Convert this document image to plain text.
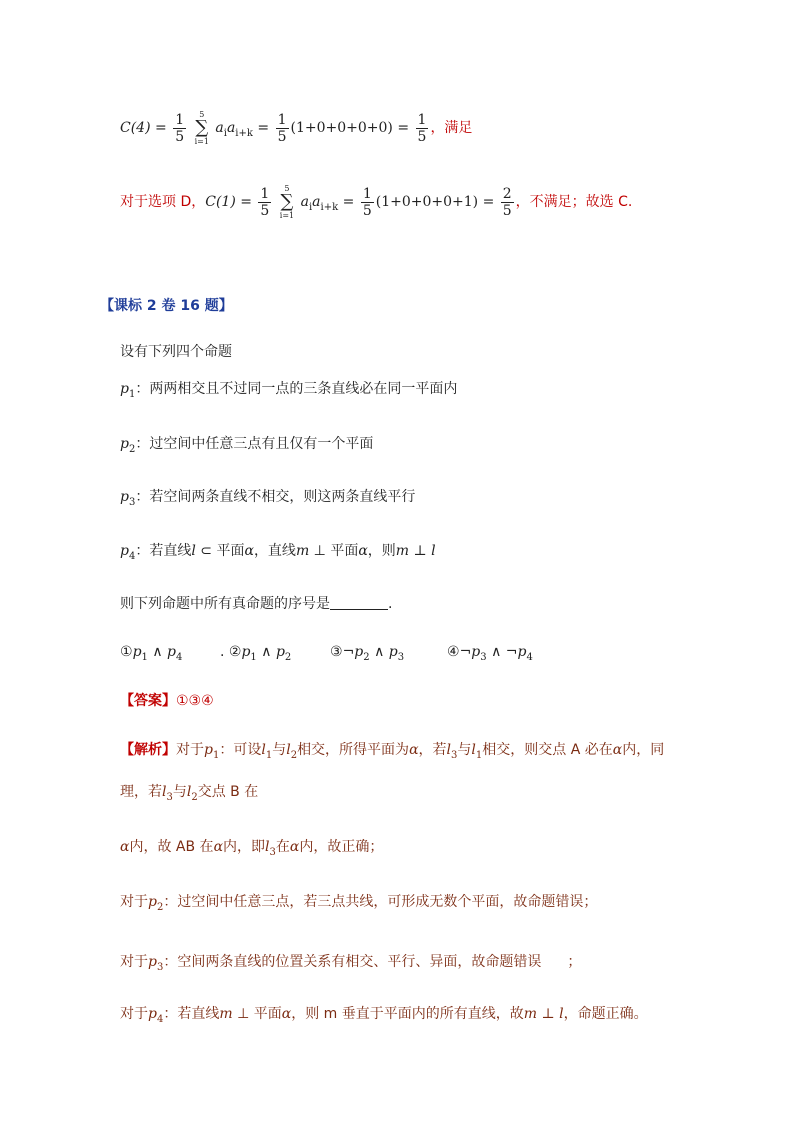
$C(4) = \frac{1}{5}$
5
∑
i=1
$a_ia_{i+k} = \frac{1}{5} (1+0+0+0+0) = \frac{1}{5}$ ，满足
对于选项 D，$C(1) = \frac{1}{5}$
5
∑
i=1
$a_ia_{i+k} = \frac{1}{5} (1+0+0+0+1) = \frac{2}{5}$ ，不满足；故选 C.
【课标 2 卷 16 题】
设有下列四个命题
$p_1$：两两相交且不过同一点的三条直线必在同一平面内
$p_2$：过空间中任意三点有且仅有一个平面
$p_3$：若空间两条直线不相交，则这两条直线平行
$p_4$：若直线l ⊂ 平面α，直线m ⊥ 平面α，则m ⊥ l
则下列命题中所有真命题的序号是	.
$①p_1$ ∧ $p_4$	. $②p_1$ ∧ $p_2$	$③\neg p_2$ ∧ $p_3$	$④\neg p_3$ ∧ $\neg p_4$
【答案】①③④
【解析】对于$p_1$：可设$l_1$与$l_2$相交，所得平面为α，若$l_3$与$l_1$相交，则交点 A 必在α内，同
理，若$l_3$与$l_2$交点 B 在
α内，故 AB 在α内，即$l_3$在α内，故正确；
对于$p_2$：过空间中任意三点，若三点共线，可形成无数个平面，故命题错误；
对于$p_3$：空间两条直线的位置关系有相交、平行、异面，故命题错误 ；
对于$p_4$：若直线m ⊥ 平面α，则 m 垂直于平面内的所有直线，故m ⊥ l，命题正确。
